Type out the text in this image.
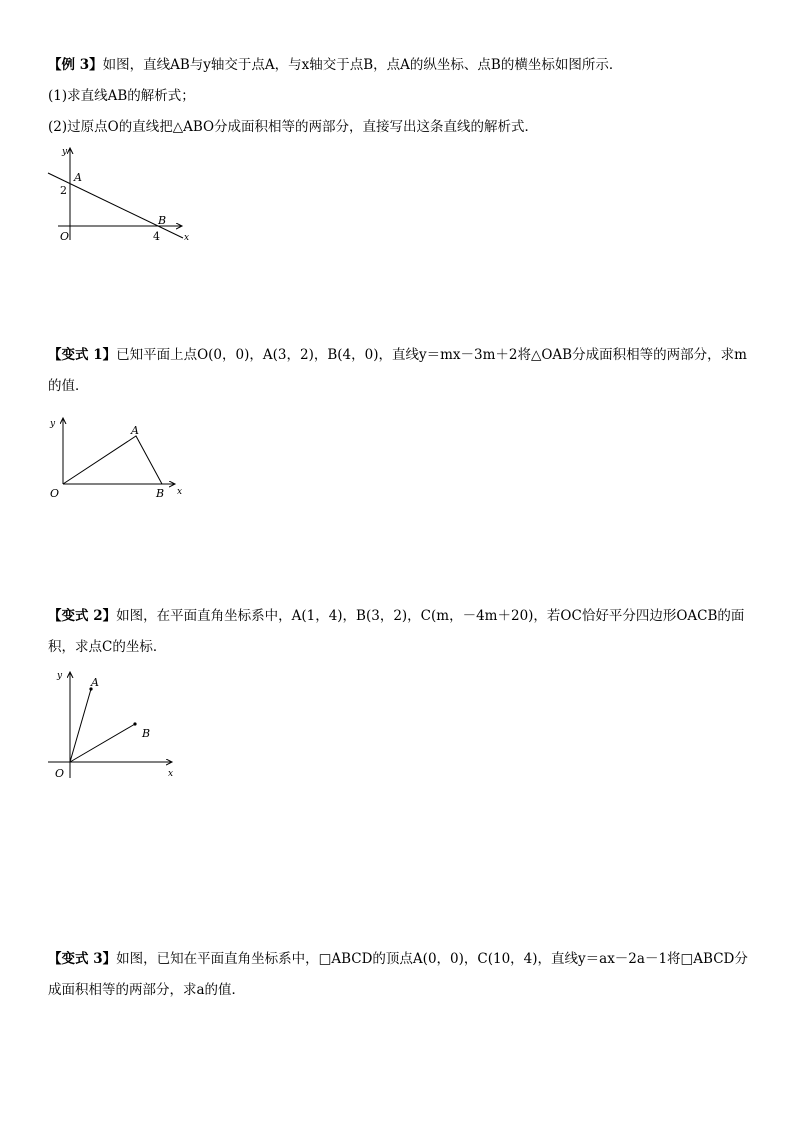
【例 3】如图，直线AB与y轴交于点A，与x轴交于点B，点A的纵坐标、点B的横坐标如图所示．
(1)求直线AB的解析式；
(2)过原点O的直线把△ABO分成面积相等的两部分，直接写出这条直线的解析式．
y
x
A
B
O
2
4
【变式 1】已知平面上点O(0，0)，A(3，2)，B(4，0)，直线y＝mx－3m＋2将△OAB分成面积相等的两部分，求m
的值．
y
x
A
B
O
【变式 2】如图，在平面直角坐标系中，A(1，4)，B(3，2)，C(m，－4m＋20)，若OC恰好平分四边形OACB的面
积，求点C的坐标．
y
x
A
B
O
【变式 3】如图，已知在平面直角坐标系中，□ABCD的顶点A(0，0)，C(10，4)，直线y＝ax－2a－1将□ABCD分
成面积相等的两部分，求a的值．
